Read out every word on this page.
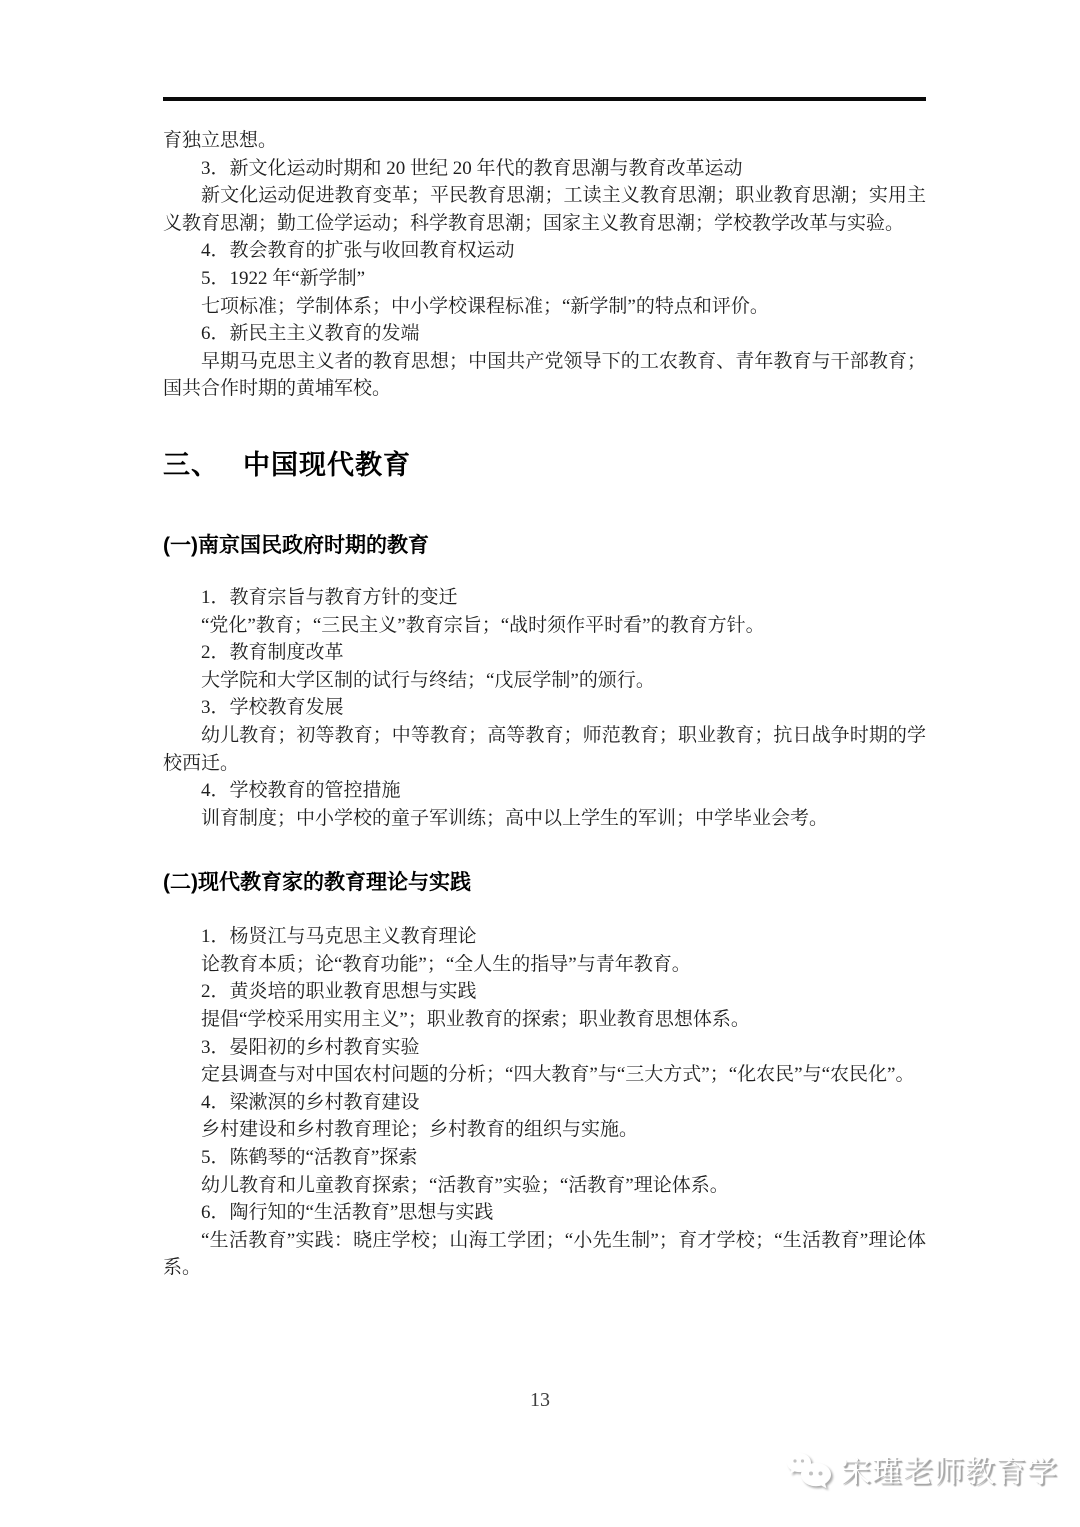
育独立思想。

3．新文化运动时期和 20 世纪 20 年代的教育思潮与教育改革运动

新文化运动促进教育变革；平民教育思潮；工读主义教育思潮；职业教育思潮；实用主义教育思潮；勤工俭学运动；科学教育思潮；国家主义教育思潮；学校教学改革与实验。

4．教会教育的扩张与收回教育权运动

5．1922 年“新学制”

七项标准；学制体系；中小学校课程标准；“新学制”的特点和评价。

6．新民主主义教育的发端

早期马克思主义者的教育思想；中国共产党领导下的工农教育、青年教育与干部教育；国共合作时期的黄埔军校。

三、 中国现代教育

(一)南京国民政府时期的教育

1．教育宗旨与教育方针的变迁

“党化”教育；“三民主义”教育宗旨；“战时须作平时看”的教育方针。

2．教育制度改革

大学院和大学区制的试行与终结；“戊辰学制”的颁行。

3．学校教育发展

幼儿教育；初等教育；中等教育；高等教育；师范教育；职业教育；抗日战争时期的学校西迁。

4．学校教育的管控措施

训育制度；中小学校的童子军训练；高中以上学生的军训；中学毕业会考。

(二)现代教育家的教育理论与实践

1．杨贤江与马克思主义教育理论

论教育本质；论“教育功能”；“全人生的指导”与青年教育。

2．黄炎培的职业教育思想与实践

提倡“学校采用实用主义”；职业教育的探索；职业教育思想体系。

3．晏阳初的乡村教育实验

定县调查与对中国农村问题的分析；“四大教育”与“三大方式”；“化农民”与“农民化”。

4．梁漱溟的乡村教育建设

乡村建设和乡村教育理论；乡村教育的组织与实施。

5．陈鹤琴的“活教育”探索

幼儿教育和儿童教育探索；“活教育”实验；“活教育”理论体系。

6．陶行知的“生活教育”思想与实践

“生活教育”实践：晓庄学校；山海工学团；“小先生制”；育才学校；“生活教育”理论体系。

13
宋瑾老师教育学
